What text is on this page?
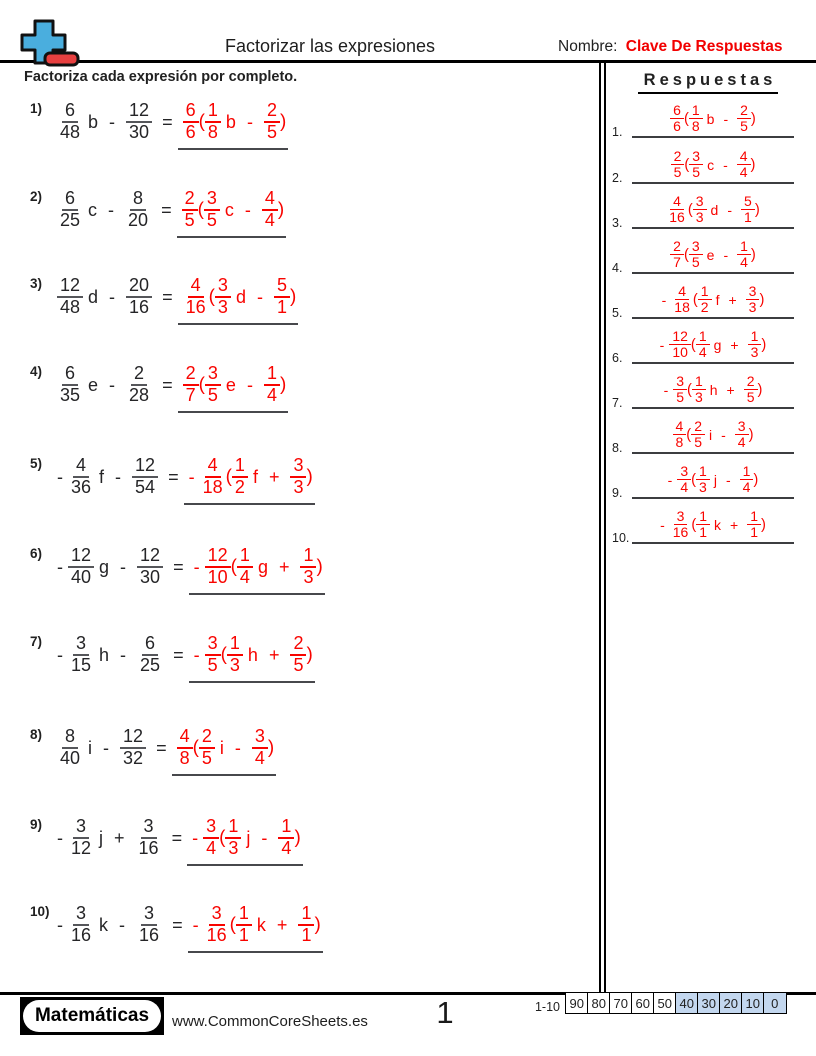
Factorizar las expresiones	Nombre: Clave De Respuestas
Factoriza cada expresión por completo.	Respuestas
$1) \frac{6}{48}$ $b - \frac{12}{30} = \frac{6}{6}$ ( $\frac{1}{8}$ b - $\frac{2}{5}$ )
$2) \frac{6}{25}$ $c - \frac{8}{20} = \frac{2}{5}$ ( $\frac{3}{5}$ c - $\frac{4}{4}$ )
$3) \frac{12}{48}$ $d - \frac{20}{16} = \frac{4}{16}$ ( $\frac{3}{3}$ d - $\frac{5}{1}$ )
$4) \frac{6}{35}$ $e - \frac{2}{28} = \frac{2}{7}$ ( $\frac{3}{5}$ e - $\frac{1}{4}$ )
5)
- $\frac{4}{36}$ f - $\frac{12}{54}$ = - $\frac{4}{18}$ ( $\frac{1}{2}$ $f + \frac{3}{3}$ )
6)
- $\frac{12}{40}$ g - $\frac{12}{30}$ = - $\frac{12}{10}$ ( $\frac{1}{4}$ $g + \frac{1}{3}$ )
7)
- $\frac{3}{15}$ h - $\frac{6}{25}$ = - $\frac{3}{5}$ ( $\frac{1}{3}$ $h + \frac{2}{5}$ )
$8) \frac{8}{40}$ $i - \frac{12}{32} = \frac{4}{8}$ ( $\frac{2}{5}$ i - $\frac{3}{4}$ )
9)
- $\frac{3}{12}$ $j + \frac{3}{16}$ = - $\frac{3}{4}$ ( $\frac{1}{3}$ j - $\frac{1}{4}$ )
10)
- $\frac{3}{16}$ k - $\frac{3}{16}$ = - $\frac{3}{16}$ ( $\frac{1}{1}$ $k + \frac{1}{1}$ )
1.	$\frac{6}{6}$ ( $\frac{1}{8}$ b - $\frac{2}{5}$ )
2.	$\frac{2}{5}$ ( $\frac{3}{5}$ c - $\frac{4}{4}$ )
3.	$\frac{4}{16}$ ( $\frac{3}{3}$ d - $\frac{5}{1}$ )
4.	$\frac{2}{7}$ ( $\frac{3}{5}$ e - $\frac{1}{4}$ )
5.
- $\frac{4}{18}$ ( $\frac{1}{2}$ $f + \frac{3}{3}$ )
6.
- $\frac{12}{10}$ ( $\frac{1}{4}$ $g + \frac{1}{3}$ )
7.
- $\frac{3}{5}$ ( $\frac{1}{3}$ $h + \frac{2}{5}$ )
8.	$\frac{4}{8}$ ( $\frac{2}{5}$ i - $\frac{3}{4}$ )
9.
- $\frac{3}{4}$ ( $\frac{1}{3}$ j - $\frac{1}{4}$ )
10.
- $\frac{3}{16}$ ( $\frac{1}{1}$ $k + \frac{1}{1}$ )
Matemáticas	www.CommonCoreSheets.es	1	1-10 90 80 70 60 50 40 30 20 10 0
